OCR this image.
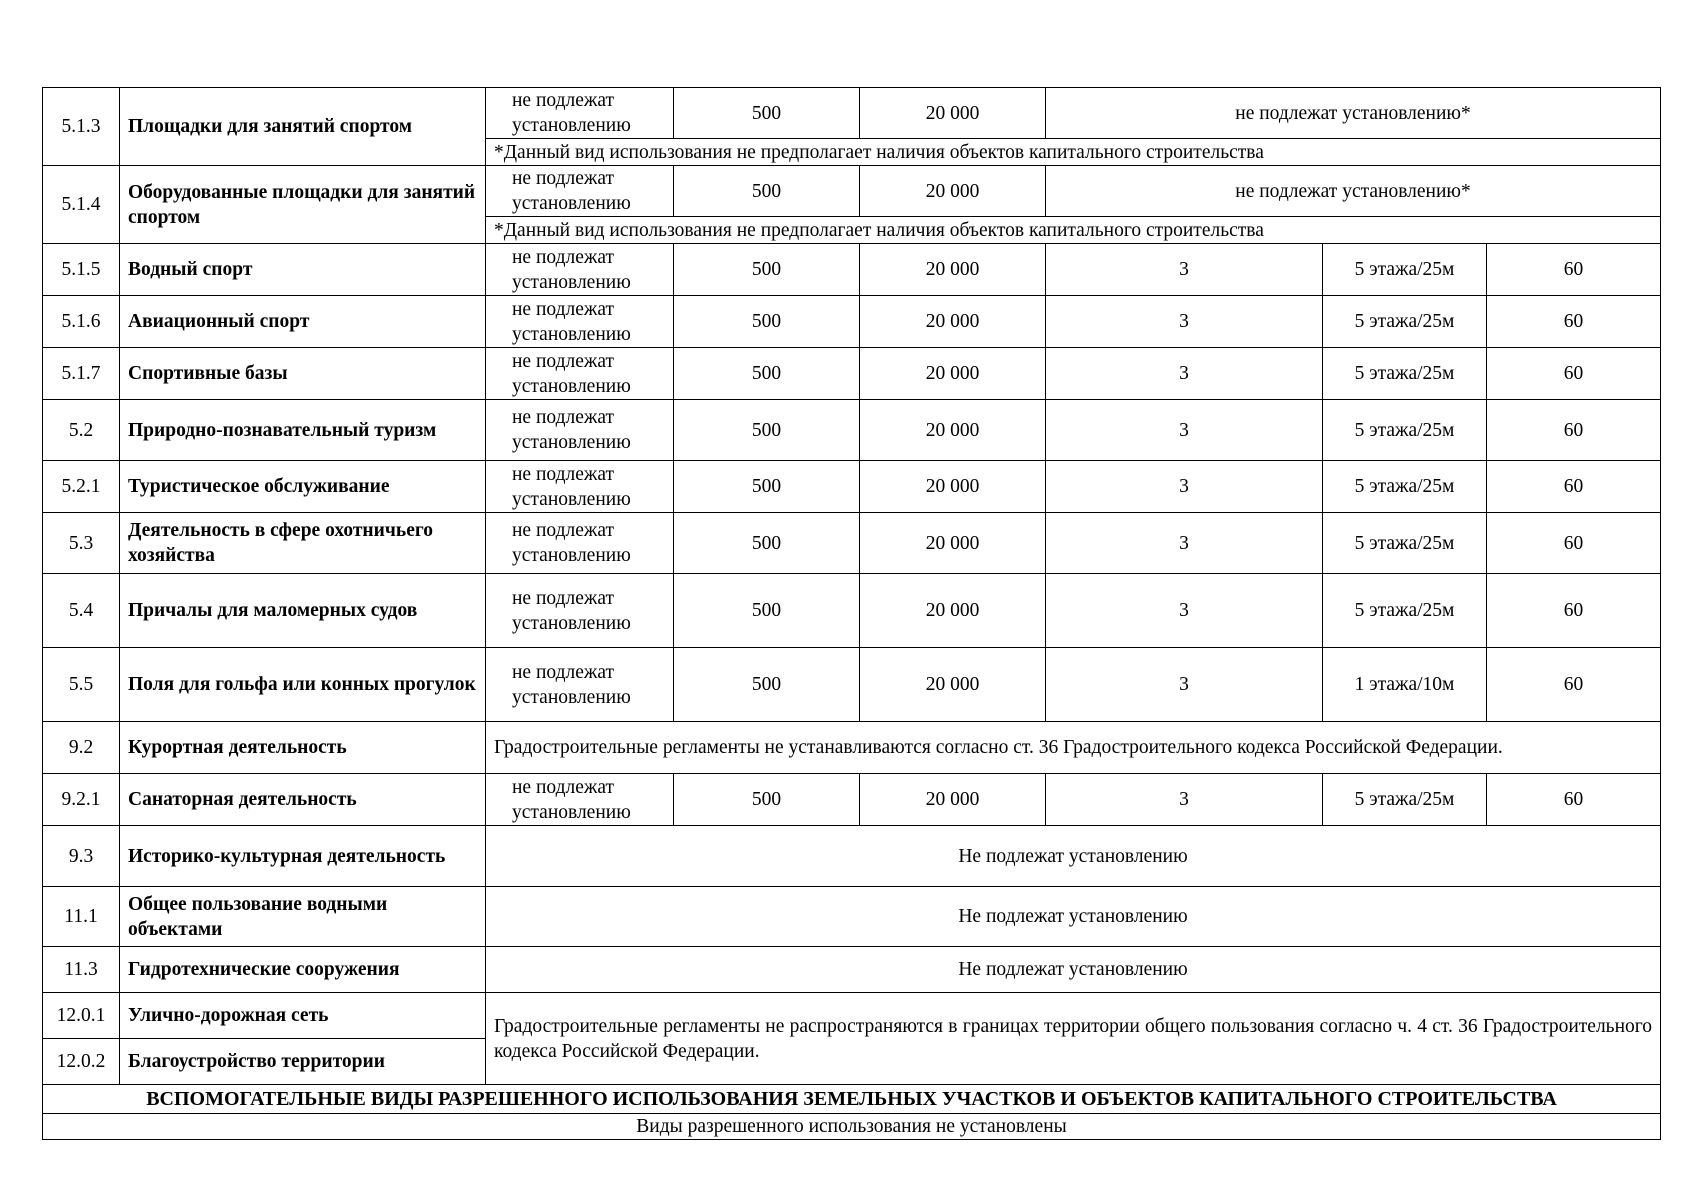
5.1.3	Площадки для занятий спортом	не подлежат установлению	500	20 000	не подлежат установлению*		
		*Данный вид использования не предполагает наличия объектов капитального строительства					
5.1.4	Оборудованные площадки для занятий спортом	не подлежат установлению	500	20 000	не подлежат установлению*		
		*Данный вид использования не предполагает наличия объектов капитального строительства					
5.1.5	Водный спорт	не подлежат установлению	500	20 000	3	5 этажа/25м	60
5.1.6	Авиационный спорт	не подлежат установлению	500	20 000	3	5 этажа/25м	60
5.1.7	Спортивные базы	не подлежат установлению	500	20 000	3	5 этажа/25м	60
5.2	Природно-познавательный туризм	не подлежат установлению	500	20 000	3	5 этажа/25м	60
5.2.1	Туристическое обслуживание	не подлежат установлению	500	20 000	3	5 этажа/25м	60
5.3	Деятельность в сфере охотничьего хозяйства	не подлежат установлению	500	20 000	3	5 этажа/25м	60
5.4	Причалы для маломерных судов	не подлежат установлению	500	20 000	3	5 этажа/25м	60
5.5	Поля для гольфа или конных прогулок	не подлежат установлению	500	20 000	3	1 этажа/10м	60
9.2	Курортная деятельность	Градостроительные регламенты не устанавливаются согласно ст. 36 Градостроительного кодекса Российской Федерации.					
9.2.1	Санаторная деятельность	не подлежат установлению	500	20 000	3	5 этажа/25м	60
9.3	Историко-культурная деятельность	Не подлежат установлению					
11.1	Общее пользование водными объектами	Не подлежат установлению					
11.3	Гидротехнические сооружения	Не подлежат установлению					
12.0.1	Улично-дорожная сеть	Градостроительные регламенты не распространяются в границах территории общего пользования согласно ч. 4 ст. 36 Градостроительного кодекса Российской Федерации.					
12.0.2	Благоустройство территории						
ВСПОМОГАТЕЛЬНЫЕ ВИДЫ РАЗРЕШЕННОГО ИСПОЛЬЗОВАНИЯ ЗЕМЕЛЬНЫХ УЧАСТКОВ И ОБЪЕКТОВ КАПИТАЛЬНОГО СТРОИТЕЛЬСТВА							
Виды разрешенного использования не установлены							
